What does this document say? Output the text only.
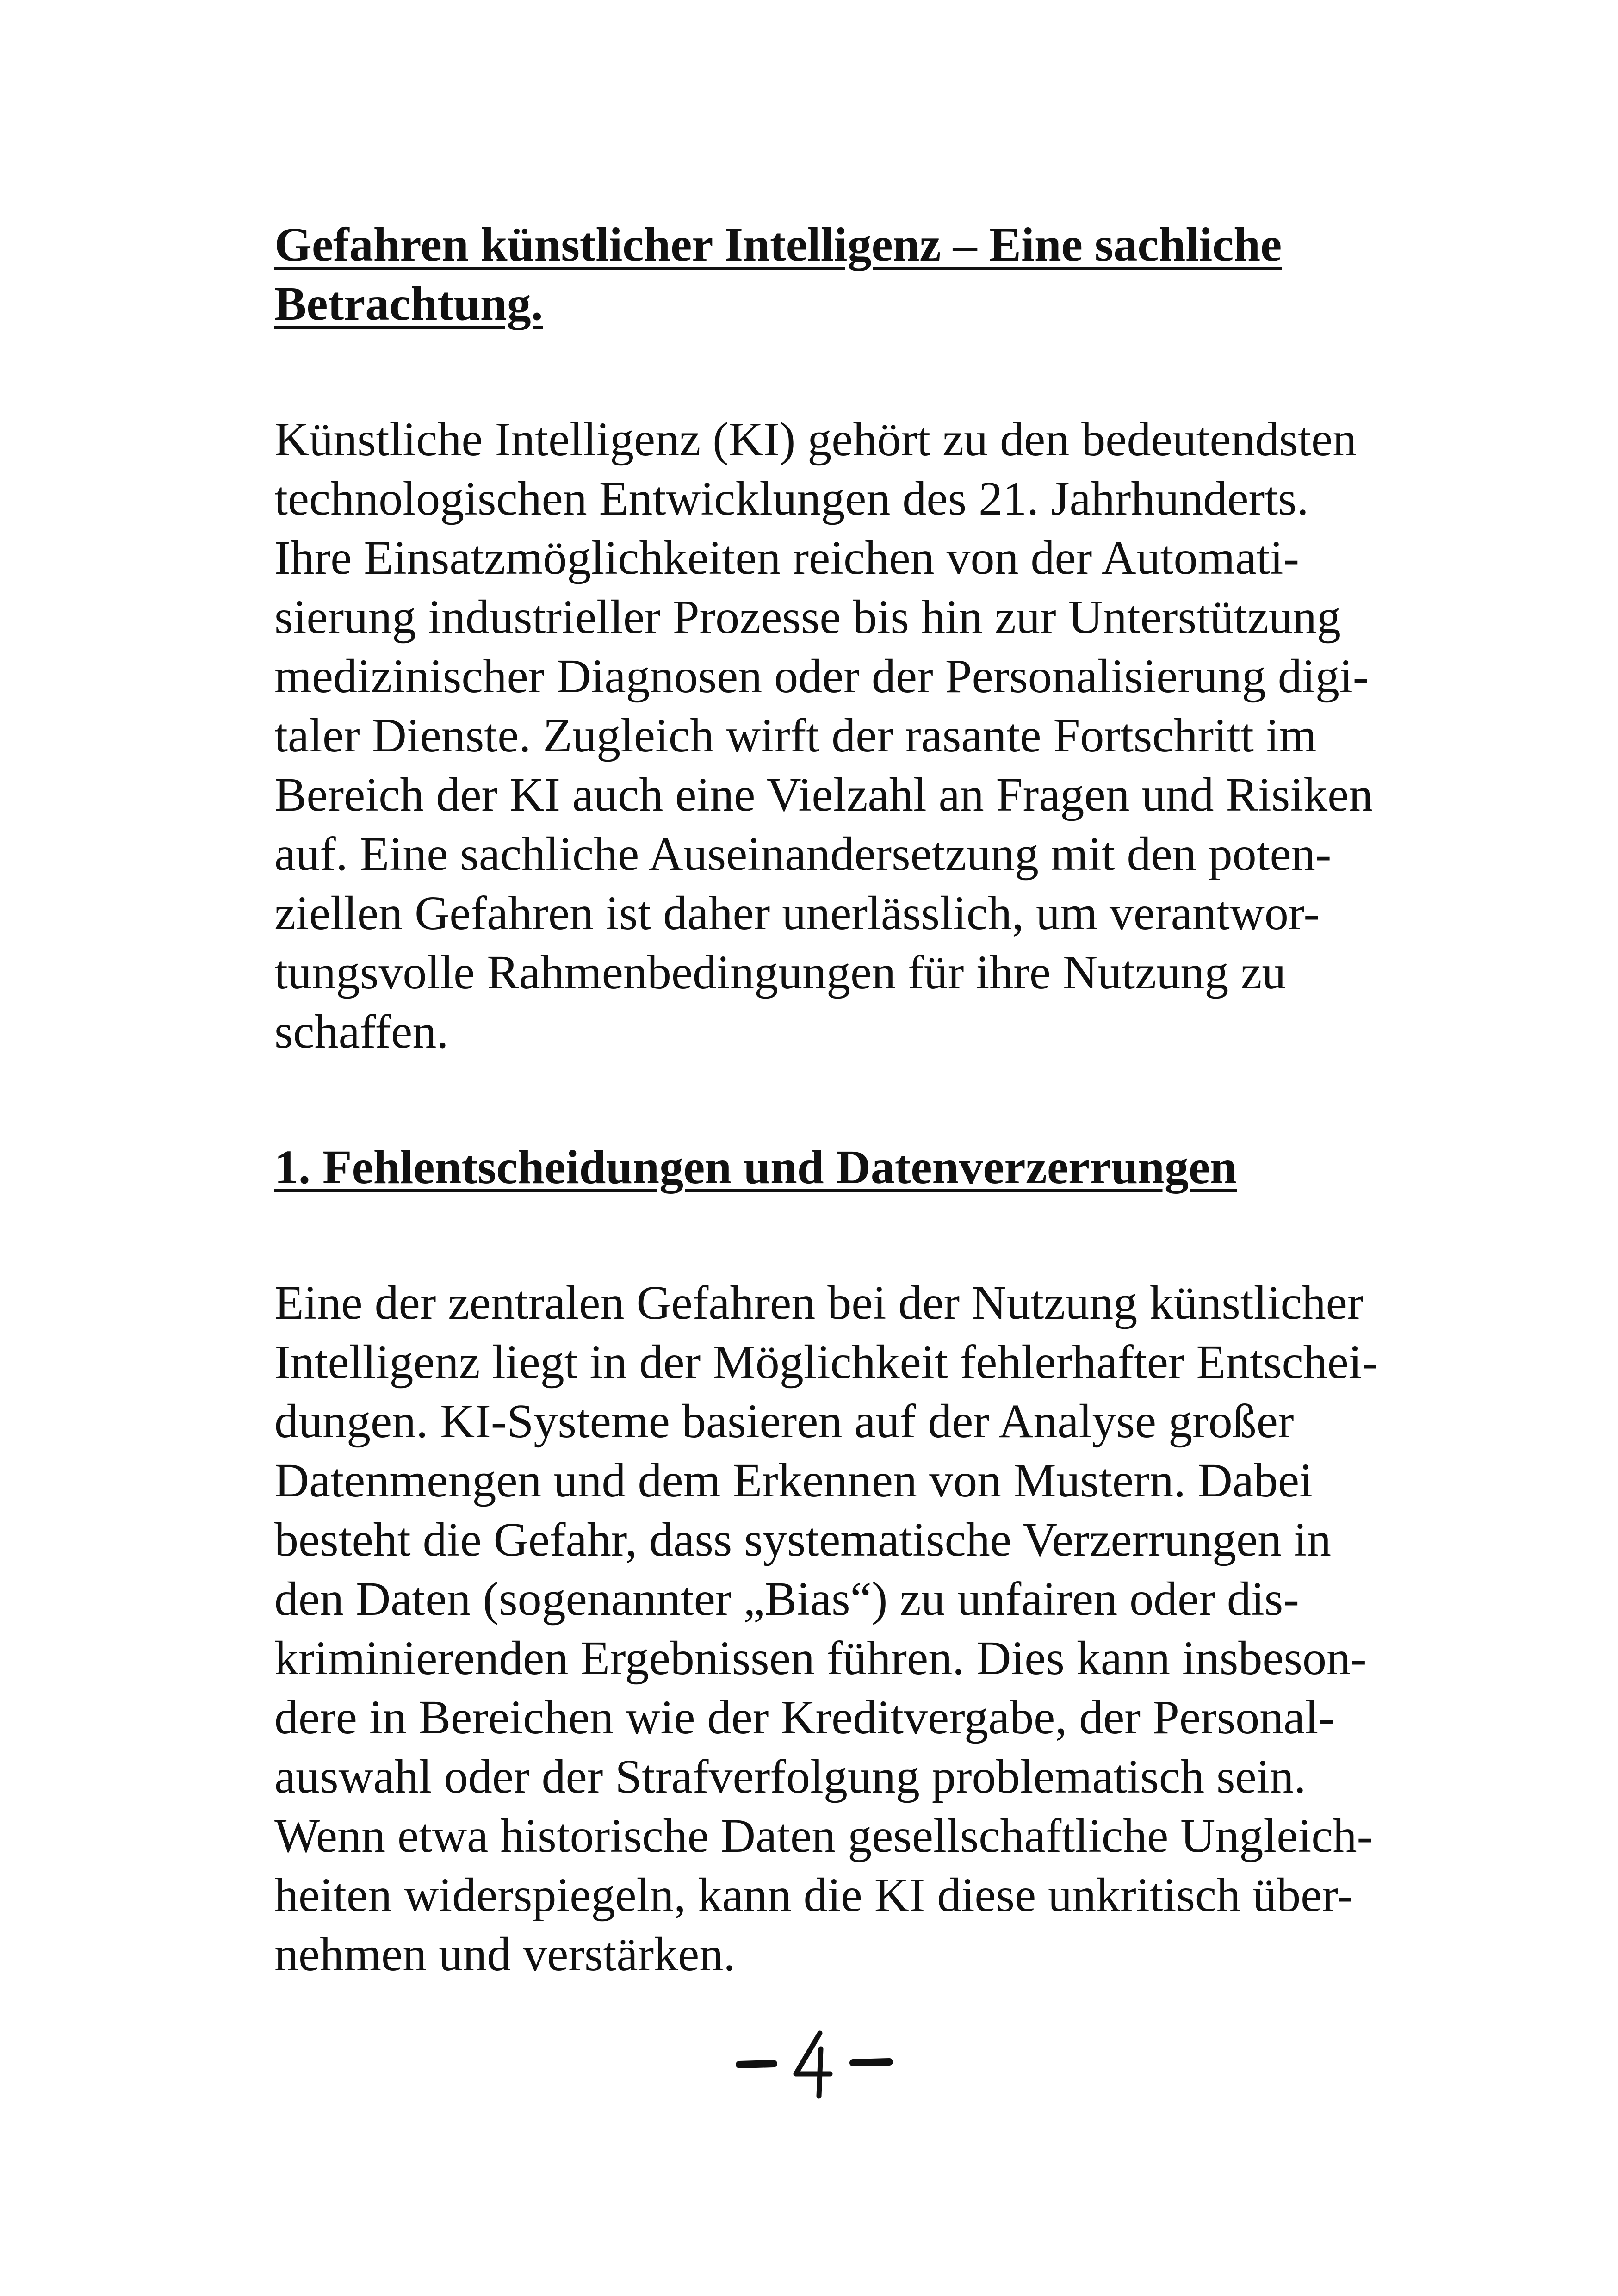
Gefahren künstlicher Intelligenz – Eine sachliche
Betrachtung.
Künstliche Intelligenz (KI) gehört zu den bedeutendsten
technologischen Entwicklungen des 21. Jahrhunderts.
Ihre Einsatzmöglichkeiten reichen von der Automati-
sierung industrieller Prozesse bis hin zur Unterstützung
medizinischer Diagnosen oder der Personalisierung digi-
taler Dienste. Zugleich wirft der rasante Fortschritt im
Bereich der KI auch eine Vielzahl an Fragen und Risiken
auf. Eine sachliche Auseinandersetzung mit den poten-
ziellen Gefahren ist daher unerlässlich, um verantwor-
tungsvolle Rahmenbedingungen für ihre Nutzung zu
schaffen.
1. Fehlentscheidungen und Datenverzerrungen
Eine der zentralen Gefahren bei der Nutzung künstlicher
Intelligenz liegt in der Möglichkeit fehlerhafter Entschei-
dungen. KI-Systeme basieren auf der Analyse großer
Datenmengen und dem Erkennen von Mustern. Dabei
besteht die Gefahr, dass systematische Verzerrungen in
den Daten (sogenannter „Bias“) zu unfairen oder dis-
kriminierenden Ergebnissen führen. Dies kann insbeson-
dere in Bereichen wie der Kreditvergabe, der Personal-
auswahl oder der Strafverfolgung problematisch sein.
Wenn etwa historische Daten gesellschaftliche Ungleich-
heiten widerspiegeln, kann die KI diese unkritisch über-
nehmen und verstärken.
